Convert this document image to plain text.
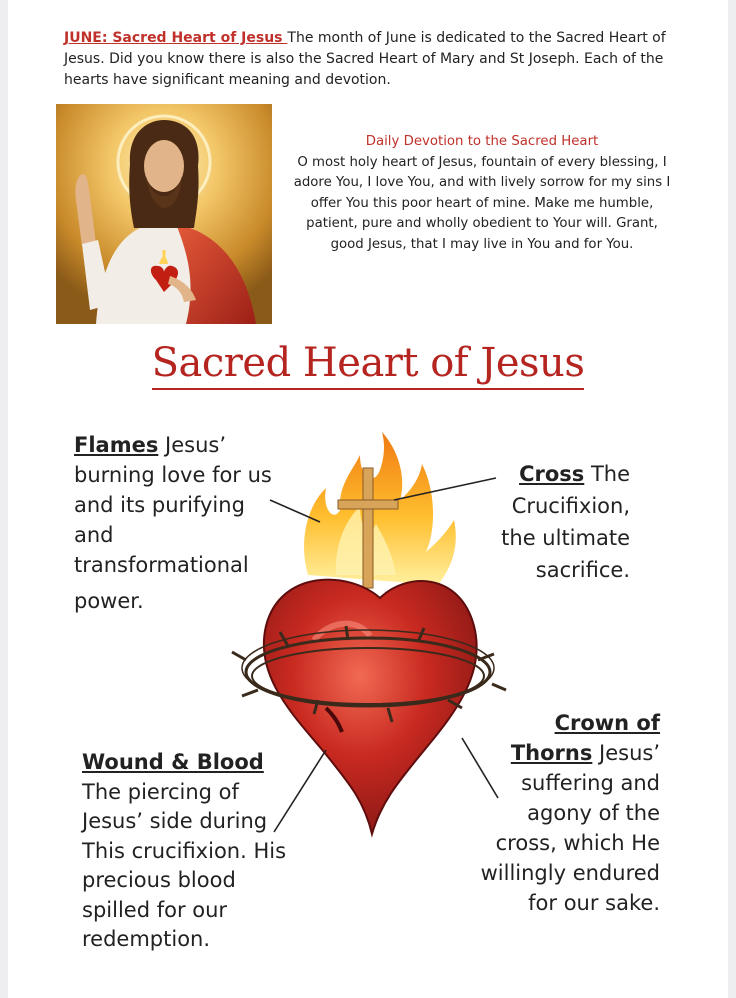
JUNE: Sacred Heart of Jesus The month of June is dedicated to the Sacred Heart of Jesus. Did you know there is also the Sacred Heart of Mary and St Joseph. Each of the hearts have significant meaning and devotion.

Daily Devotion to the Sacred Heart
O most holy heart of Jesus, fountain of every blessing, I
adore You, I love You, and with lively sorrow for my sins I
offer You this poor heart of mine. Make me humble,
patient, pure and wholly obedient to Your will. Grant,
good Jesus, that I may live in You and for You.
Sacred Heart of Jesus
Flames Jesus’
burning love for us
and its purifying
and
transformational
power.
Cross The
Crucifixion,
the ultimate
sacrifice.
Wound & Blood
The piercing of
Jesus’ side during
This crucifixion. His
precious blood
spilled for our
redemption.
Crown of
Thorns Jesus’
suffering and
agony of the
cross, which He
willingly endured
for our sake.
